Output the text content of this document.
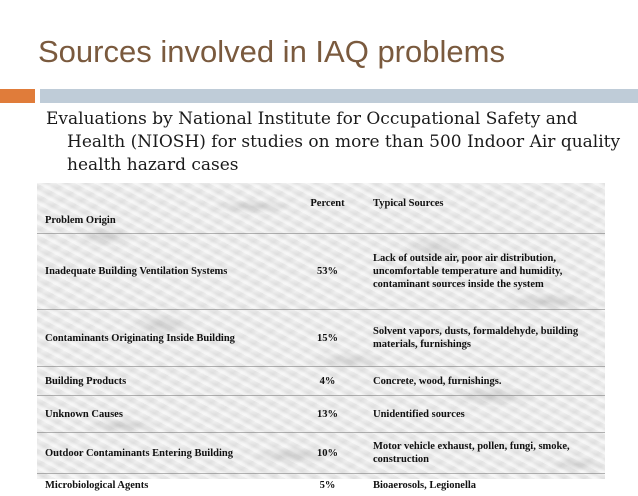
Sources involved in IAQ problems

Evaluations by National Institute for Occupational Safety and Health (NIOSH) for studies on more than 500 Indoor Air quality health hazard cases

Problem Origin	Percent	Typical Sources
Inadequate Building Ventilation Systems	53%	Lack of outside air, poor air distribution, uncomfortable temperature and humidity, contaminant sources inside the system
Contaminants Originating Inside Building	15%	Solvent vapors, dusts, formaldehyde, building materials, furnishings
Building Products	4%	Concrete, wood, furnishings.
Unknown Causes	13%	Unidentified sources
Outdoor Contaminants Entering Building	10%	Motor vehicle exhaust, pollen, fungi, smoke, construction
Microbiological Agents	5%	Bioaerosols, Legionella
